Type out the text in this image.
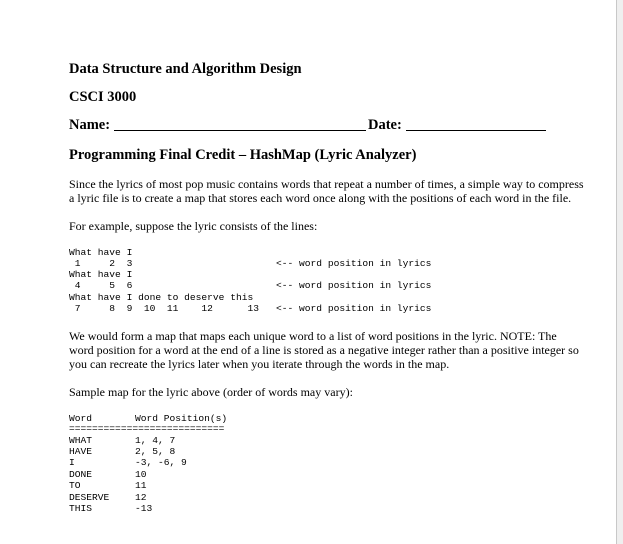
Data Structure and Algorithm Design
CSCI 3000
Name:	Date:
Programming Final Credit – HashMap (Lyric Analyzer)
Since the lyrics of most pop music contains words that repeat a number of times, a simple way to compress
a lyric file is to create a map that stores each word once along with the positions of each word in the file.
For example, suppose the lyric consists of the lines:
What have I
1     2  3	<-- word position in lyrics
What have I
4     5  6	<-- word position in lyrics
What have I done to deserve this
7     8  9  10  11    12      13 <-- word position in lyrics
We would form a map that maps each unique word to a list of word positions in the lyric. NOTE: The
word position for a word at the end of a line is stored as a negative integer rather than a positive integer so
you can recreate the lyrics later when you iterate through the words in the map.
Sample map for the lyric above (order of words may vary):
Word	Word Position(s)
===========================
WHAT	1, 4, 7
HAVE	2, 5, 8
I	-3, -6, 9
DONE	10
TO	11
DESERVE	12
THIS	-13
